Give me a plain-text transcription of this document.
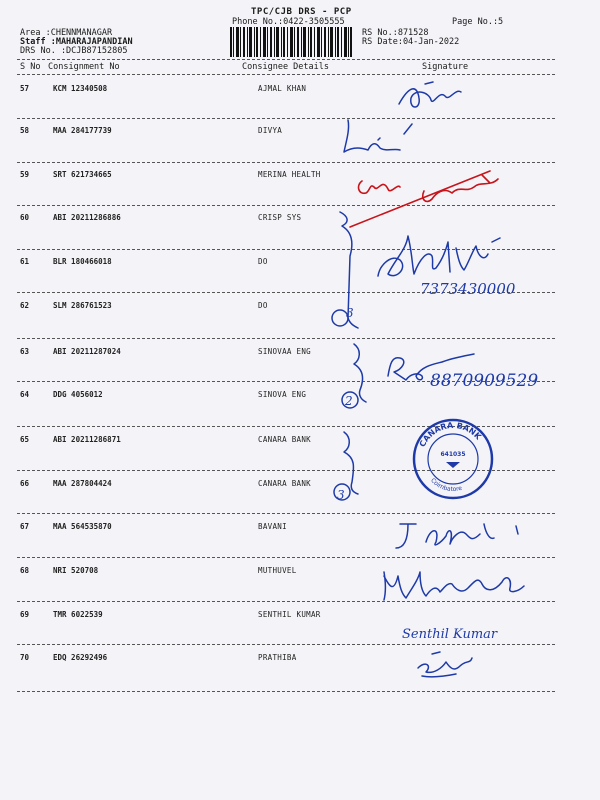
TPC/CJB DRS - PCP
Phone No.:0422-3505555	Page No.:5
Area :CHENNMANAGAR
Staff :MAHARAJAPANDIAN
DRS No. :DCJB87152805
RS No.:871528
RS Date:04-Jan-2022
S No Consignment No	Consignee Details	Signature
57	KCM 12340508	AJMAL KHAN
58	MAA 284177739	DIVYA
59	SRT 621734665	MERINA HEALTH
60	ABI 20211286886	CRISP SYS
61	BLR 180466018	DO
62	SLM 286761523	DO
63	ABI 20211287024	SINOVAA ENG
64	DDG 4056012	SINOVA ENG
65	ABI 20211286871	CANARA BANK
66	MAA 287804424	CANARA BANK
67	MAA 564535870	BAVANI
68	NRI 520708	MUTHUVEL
69	TMR 6022539	SENTHIL KUMAR
70	EDQ 26292496	PRATHIBA
3
7373430000
2
8870909529
3
CANARA BANK
Coimbatore
641035
Senthil Kumar
